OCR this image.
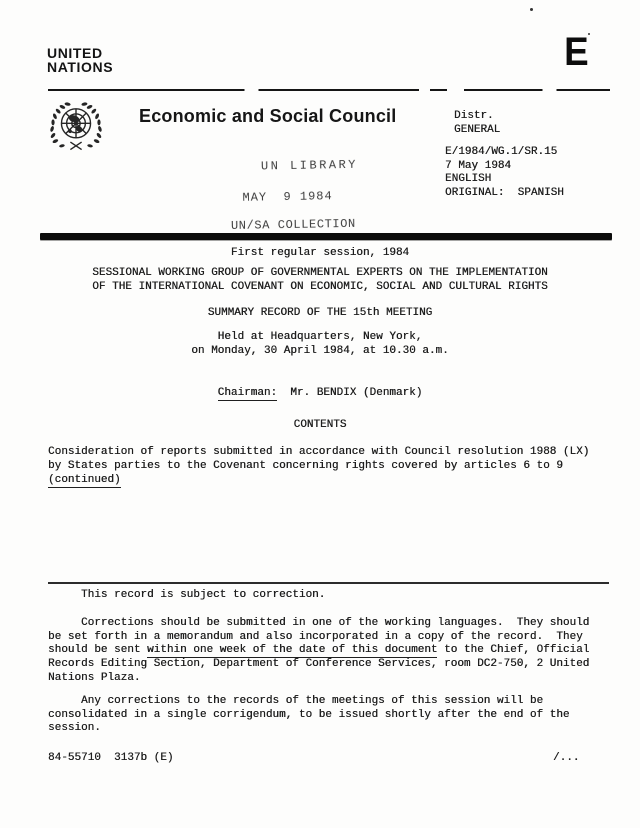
UNITED
NATIONS	E
Economic and Social Council	Distr.
GENERAL
E/1984/WG.1/SR.15
7 May 1984
ENGLISH
ORIGINAL:  SPANISH
UN LIBRARY
MAY  9 1984
UN/SA COLLECTION
First regular session, 1984
SESSIONAL WORKING GROUP OF GOVERNMENTAL EXPERTS ON THE IMPLEMENTATION
OF THE INTERNATIONAL COVENANT ON ECONOMIC, SOCIAL AND CULTURAL RIGHTS
SUMMARY RECORD OF THE 15th MEETING
Held at Headquarters, New York,
on Monday, 30 April 1984, at 10.30 a.m.
Chairman:  Mr. BENDIX (Denmark)
CONTENTS
Consideration of reports submitted in accordance with Council resolution 1988 (LX)
by States parties to the Covenant concerning rights covered by articles 6 to 9
(continued)
This record is subject to correction.
Corrections should be submitted in one of the working languages.  They should
be set forth in a memorandum and also incorporated in a copy of the record.  They
should be sent within one week of the date of this document to the Chief, Official
Records Editing Section, Department of Conference Services, room DC2-750, 2 United
Nations Plaza.
Any corrections to the records of the meetings of this session will be
consolidated in a single corrigendum, to be issued shortly after the end of the
session.
84-55710  3137b (E)	/...
